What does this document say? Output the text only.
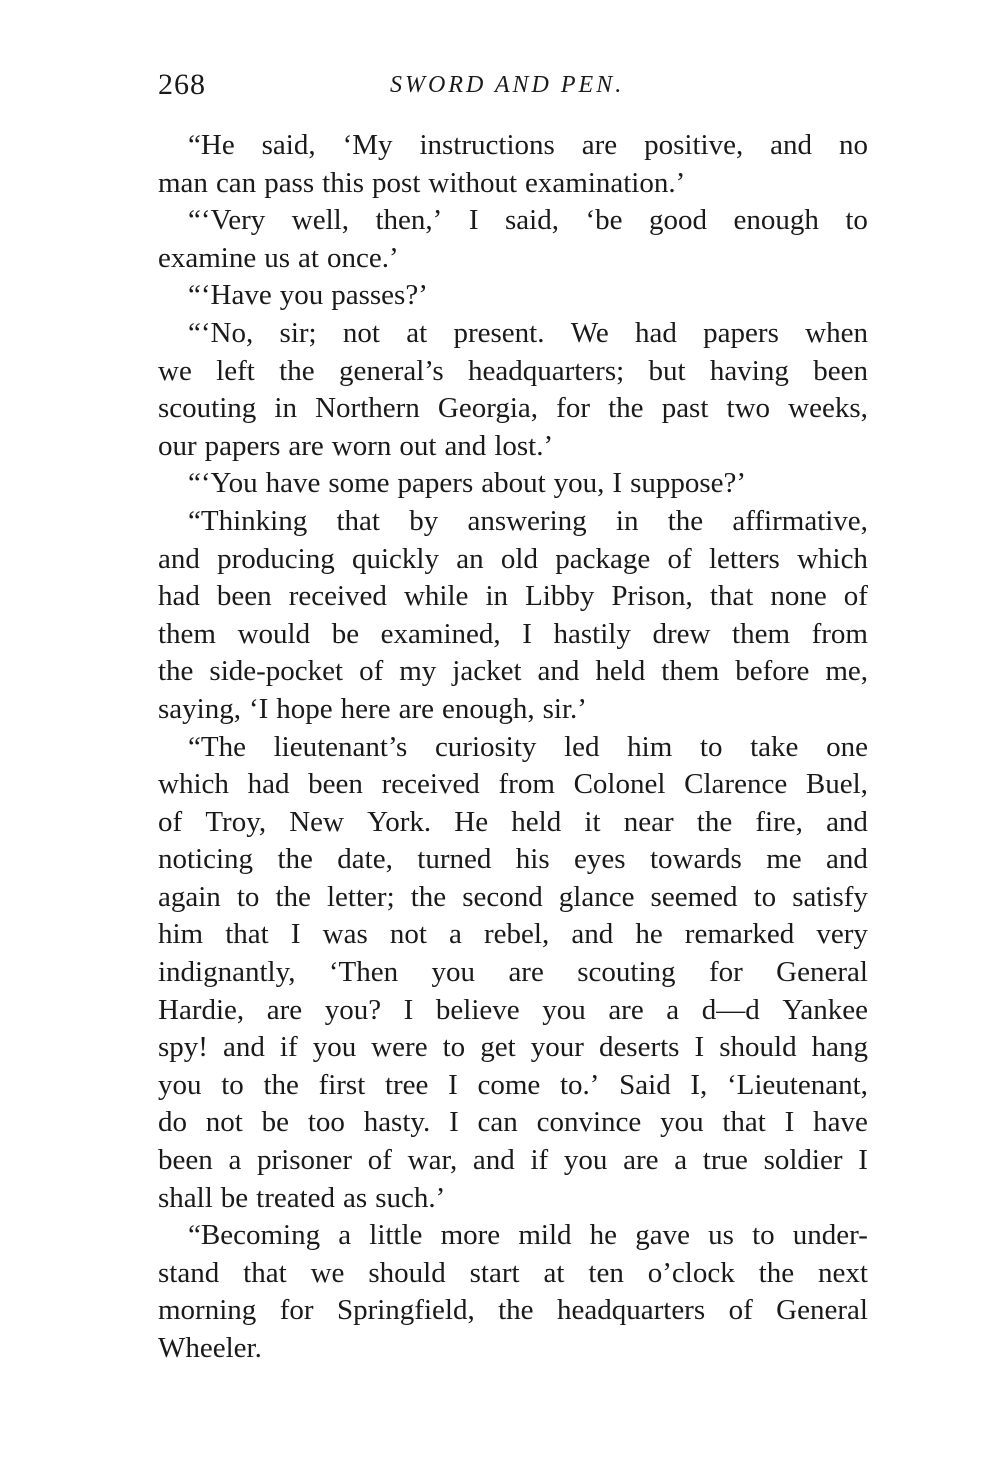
268	SWORD AND PEN.
“He said, ‘My instructions are positive, and no
man can pass this post without examination.’
“‘Very well, then,’ I said, ‘be good enough to
examine us at once.’
“‘Have you passes?’
“‘No, sir; not at present. We had papers when
we left the general’s headquarters; but having been
scouting in Northern Georgia, for the past two weeks,
our papers are worn out and lost.’
“‘You have some papers about you, I suppose?’
“Thinking that by answering in the affirmative,
and producing quickly an old package of letters which
had been received while in Libby Prison, that none of
them would be examined, I hastily drew them from
the side-pocket of my jacket and held them before me,
saying, ‘I hope here are enough, sir.’
“The lieutenant’s curiosity led him to take one
which had been received from Colonel Clarence Buel,
of Troy, New York. He held it near the fire, and
noticing the date, turned his eyes towards me and
again to the letter; the second glance seemed to satisfy
him that I was not a rebel, and he remarked very
indignantly, ‘Then you are scouting for General
Hardie, are you? I believe you are a d—d Yankee
spy! and if you were to get your deserts I should hang
you to the first tree I come to.’ Said I, ‘Lieutenant,
do not be too hasty. I can convince you that I have
been a prisoner of war, and if you are a true soldier I
shall be treated as such.’
“Becoming a little more mild he gave us to under-
stand that we should start at ten o’clock the next
morning for Springfield, the headquarters of General
Wheeler.
